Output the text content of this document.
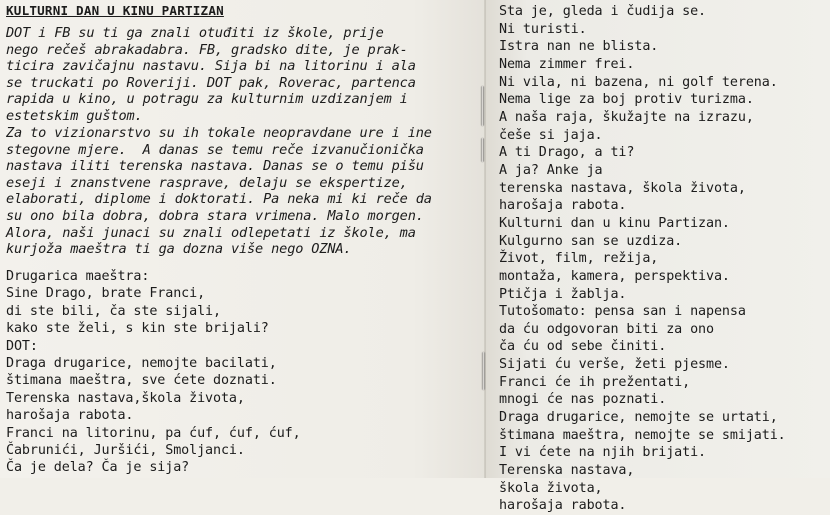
KULTURNI DAN U KINU PARTIZAN
DOT i FB su ti ga znali otuđiti iz škole, prije
nego rečeš abrakadabra. FB, gradsko dite, je prak-
ticira zavičajnu nastavu. Sija bi na litorinu i ala
se truckati po Roveriji. DOT pak, Roverac, partenca
rapida u kino, u potragu za kulturnim uzdizanjem i
estetskim guštom.
Za to vizionarstvo su ih tokale neopravdane ure i ine
stegovne mjere.  A danas se temu reče izvanučionička
nastava iliti terenska nastava. Danas se o temu pišu
eseji i znanstvene rasprave, delaju se ekspertize,
elaborati, diplome i doktorati. Pa neka mi ki reče da
su ono bila dobra, dobra stara vrimena. Malo morgen.
Alora, naši junaci su znali odlepetati iz škole, ma
kurjoža maeštra ti ga dozna više nego OZNA.
Drugarica maeštra:
Sine Drago, brate Franci,
di ste bili, ča ste sijali,
kako ste želi, s kin ste brijali?
DOT:
Draga drugarice, nemojte bacilati,
štimana maeštra, sve ćete doznati.
Terenska nastava,škola života,
harošaja rabota.
Franci na litorinu, pa ćuf, ćuf, ćuf,
Čabrunići, Juršići, Smoljanci.
Ča je dela? Ča je sija?
Sta je, gleda i čudija se.
Ni turisti.
Istra nan ne blista.
Nema zimmer frei.
Ni vila, ni bazena, ni golf terena.
Nema lige za boj protiv turizma.
A naša raja, škužajte na izrazu,
češe si jaja.
A ti Drago, a ti?
A ja? Anke ja
terenska nastava, škola života,
harošaja rabota.
Kulturni dan u kinu Partizan.
Kulgurno san se uzdiza.
Život, film, režija,
montaža, kamera, perspektiva.
Ptičja i žablja.
Tutošomato: pensa san i napensa
da ću odgovoran biti za ono
ča ću od sebe činiti.
Sijati ću verše, žeti pjesme.
Franci će ih prežentati,
mnogi će nas poznati.
Draga drugarice, nemojte se urtati,
štimana maeštra, nemojte se smijati.
I vi ćete na njih brijati.
Terenska nastava,
škola života,
harošaja rabota.
